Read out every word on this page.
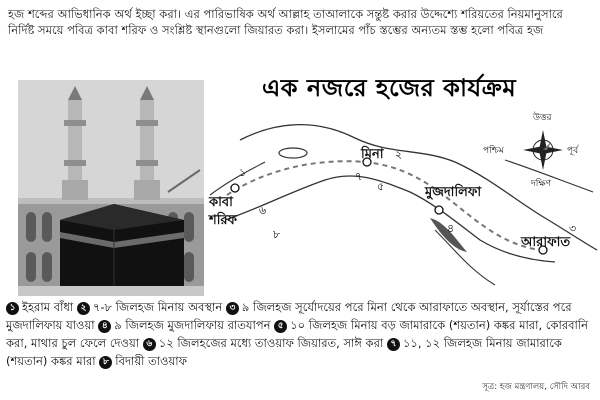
হজ শব্দের আভিধানিক অর্থ ইচ্ছা করা। এর পারিভাষিক অর্থ আল্লাহ তাআলাকে সন্তুষ্ট করার উদ্দেশ্যে শরিয়তের নিয়মানুসারে নির্দিষ্ট সময়ে পবিত্র কাবা শরিফ ও সংশ্লিষ্ট স্থানগুলো জিয়ারত করা। ইসলামের পাঁচ স্তম্ভের অন্যতম স্তম্ভ হলো পবিত্র হজ
এক নজরে হজের কার্যক্রম
কাবা
শরিফ
মিনা
মুজদালিফা
আরাফাত
১
২
৩
৪
৫
৬
৭
৮
উত্তর
দক্ষিণ
পশ্চিম	পূর্ব
১ ইহরাম বাঁধা ২ ৭-৮ জিলহজ মিনায় অবস্থান ৩ ৯ জিলহজ সূর্যোদয়ের পরে মিনা থেকে আরাফাতে অবস্থান, সূর্যাস্তের পরে মুজদালিফায় যাওয়া ৪ ৯ জিলহজ মুজদালিফায় রাতযাপন ৫ ১০ জিলহজ মিনায় বড় জামারাকে (শয়তান) কঙ্কর মারা, কোরবানি করা, মাথার চুল ফেলে দেওয়া ৬ ১২ জিলহজের মধ্যে তাওয়াফ জিয়ারত, সাঈ করা ৭ ১১, ১২ জিলহজ মিনায় জামারাকে (শয়তান) কঙ্কর মারা ৮ বিদায়ী তাওয়াফ
সূত্র: হজ মন্ত্রণালয়, সৌদি আরব
